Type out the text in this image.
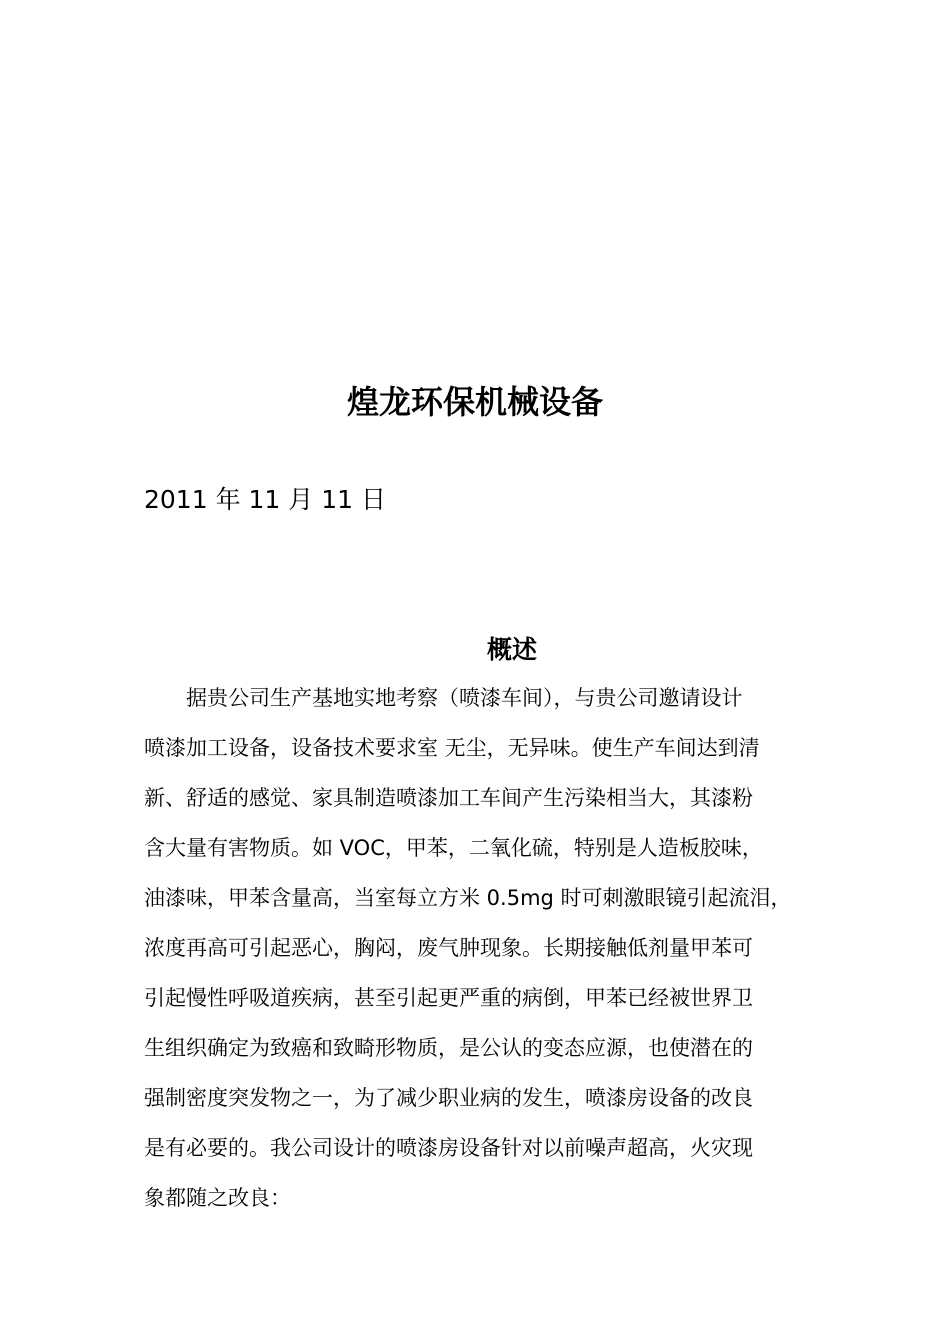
煌龙环保机械设备
2011 年 11 月 11 日
概述
　　据贵公司生产基地实地考察（喷漆车间），与贵公司邀请设计
喷漆加工设备，设备技术要求室 无尘，无异味。使生产车间达到清
新、舒适的感觉、家具制造喷漆加工车间产生污染相当大，其漆粉
含大量有害物质。如 VOC，甲苯，二氧化硫，特别是人造板胶味，
油漆味，甲苯含量高，当室每立方米 0.5mg 时可刺激眼镜引起流泪，
浓度再高可引起恶心，胸闷，废气肿现象。长期接触低剂量甲苯可
引起慢性呼吸道疾病，甚至引起更严重的病倒，甲苯已经被世界卫
生组织确定为致癌和致畸形物质，是公认的变态应源，也使潜在的
强制密度突发物之一，为了减少职业病的发生，喷漆房设备的改良
是有必要的。我公司设计的喷漆房设备针对以前噪声超高，火灾现
象都随之改良：
